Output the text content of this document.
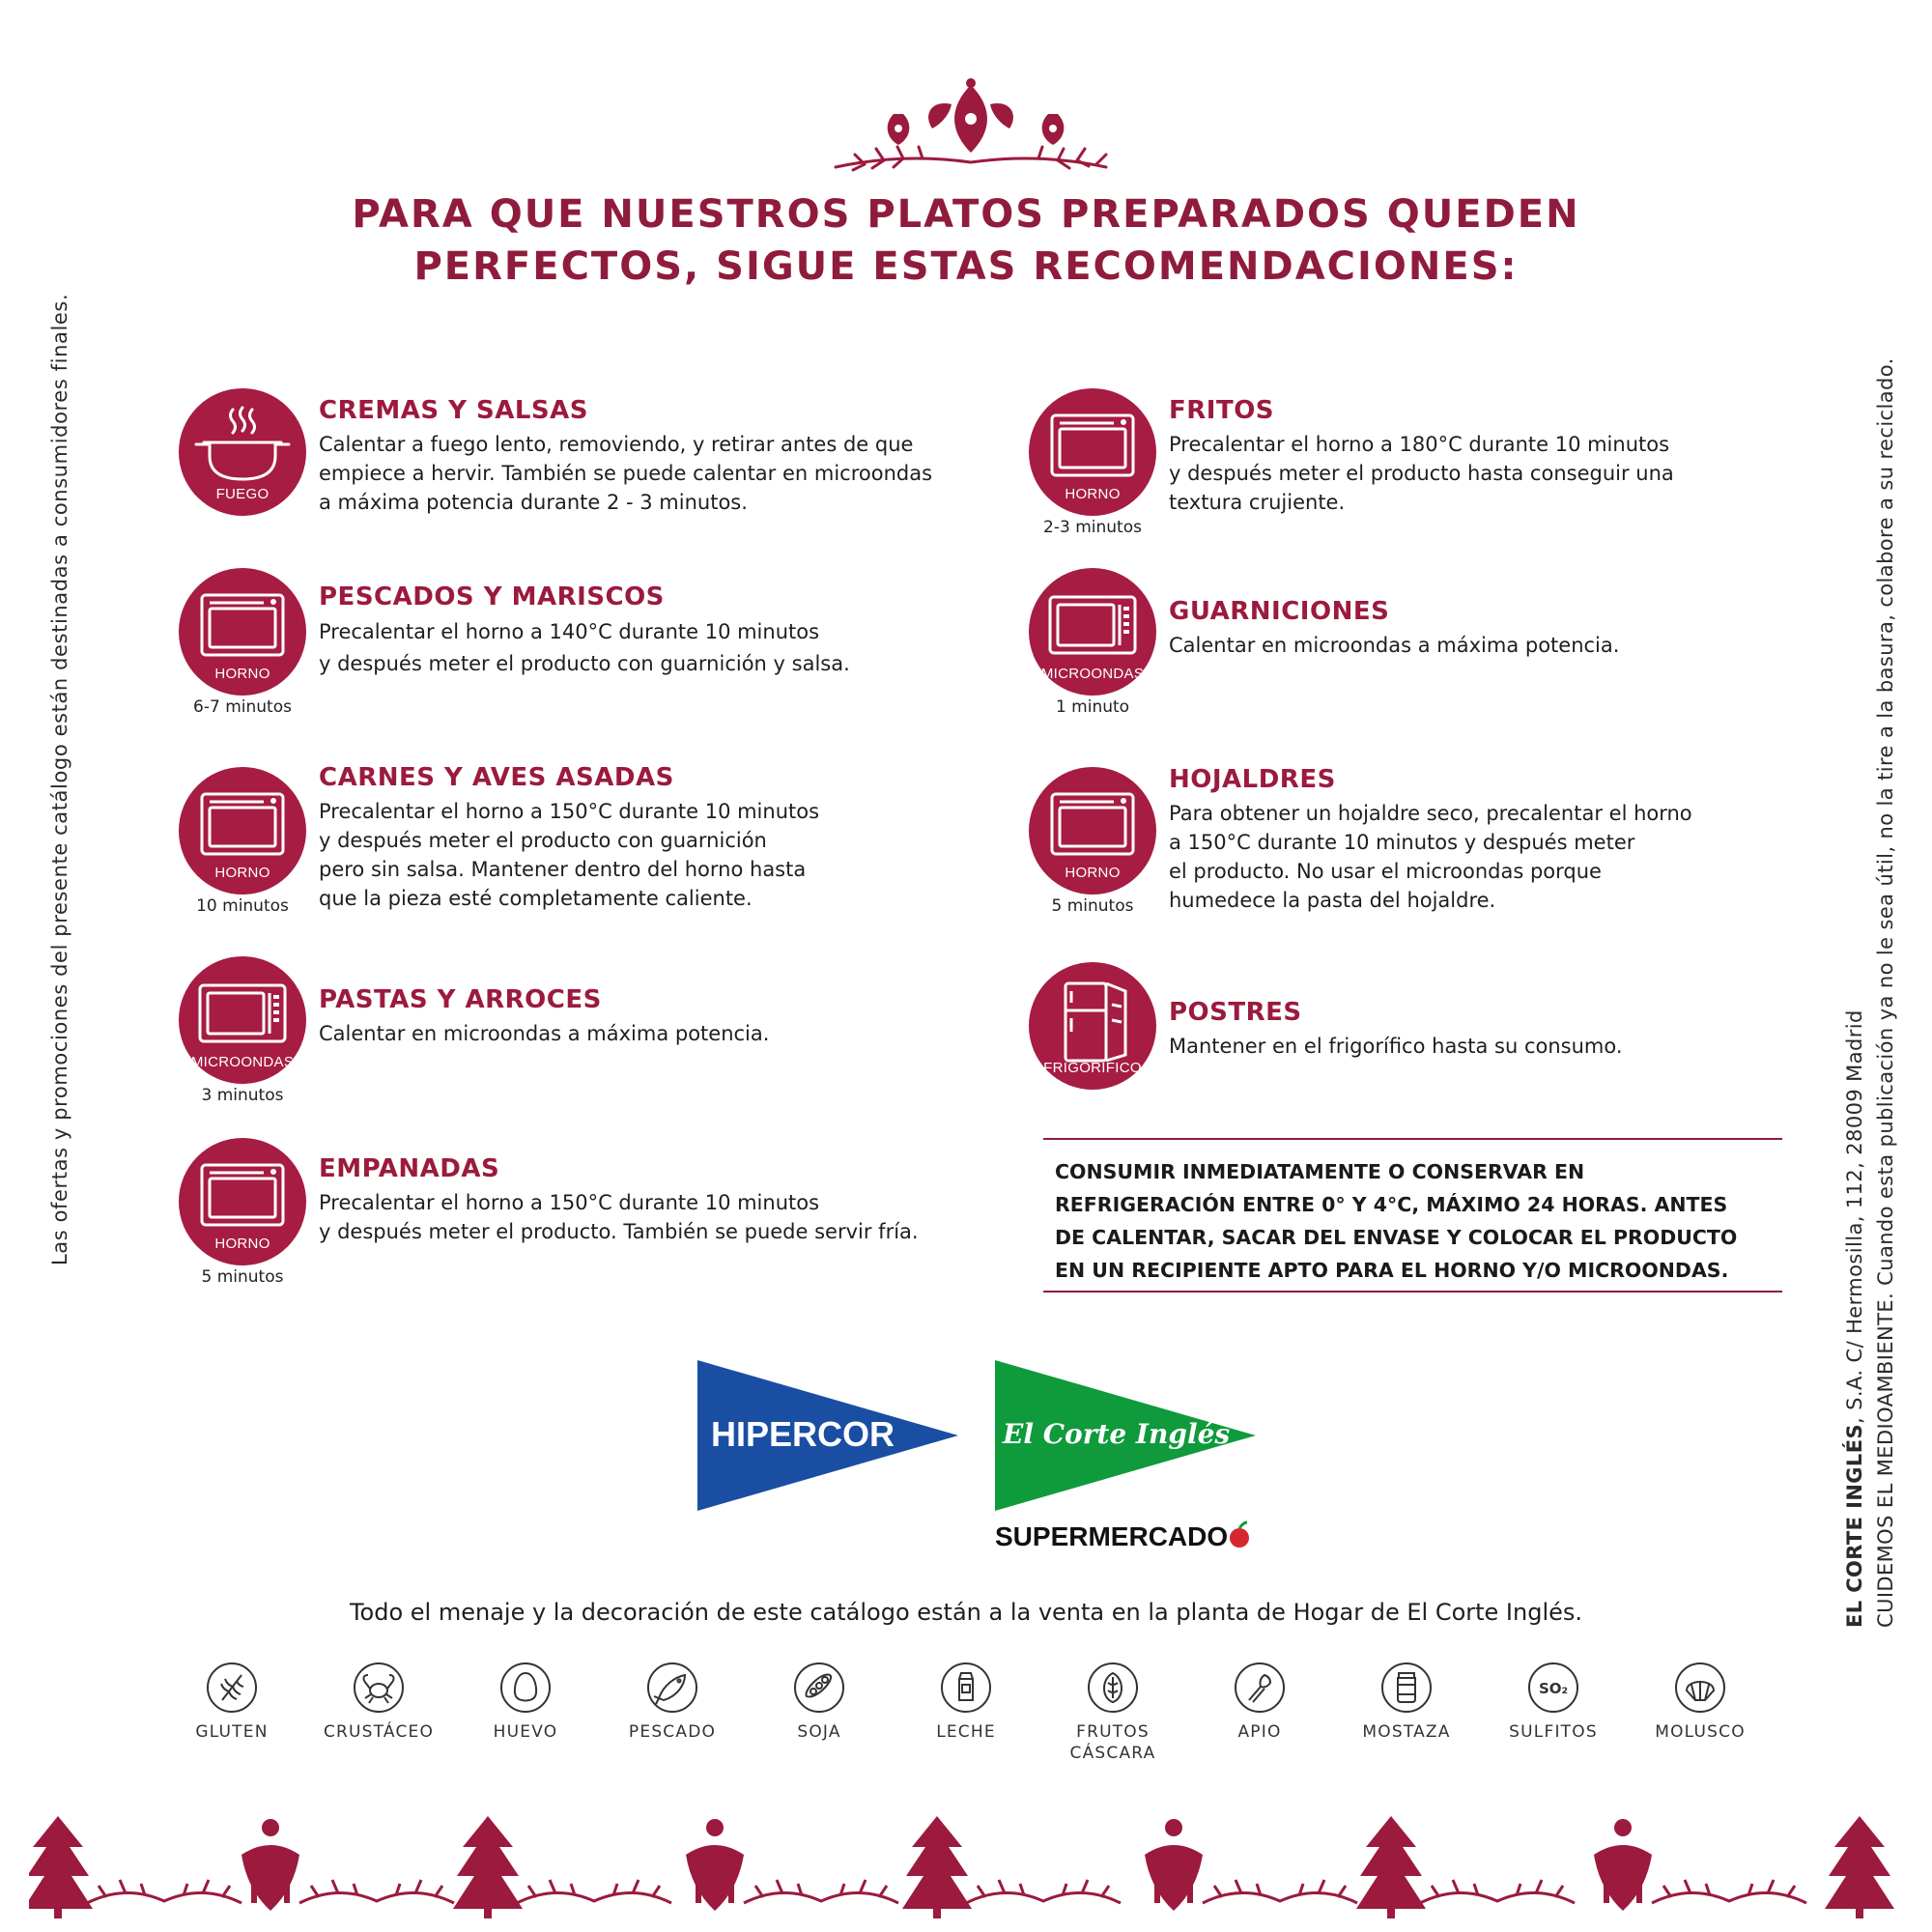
PARA QUE NUESTROS PLATOS PREPARADOS QUEDEN
PERFECTOS, SIGUE ESTAS RECOMENDACIONES:
Las ofertas y promociones del presente catálogo están destinadas a consumidores finales.
EL CORTE INGLÉS, S.A. C/ Hermosilla, 112, 28009 Madrid CUIDEMOS EL MEDIOAMBIENTE. Cuando esta publicación ya no le sea útil, no la tire a la basura, colabore a su reciclado.
FUEGO
CREMAS Y SALSAS
Calentar a fuego lento, removiendo, y retirar antes de que
empiece a hervir. También se puede calentar en microondas
a máxima potencia durante 2 - 3 minutos.
HORNO
6-7 minutos
PESCADOS Y MARISCOS
Precalentar el horno a 140°C durante 10 minutos
y después meter el producto con guarnición y salsa.
HORNO
10 minutos
CARNES Y AVES ASADAS
Precalentar el horno a 150°C durante 10 minutos
y después meter el producto con guarnición
pero sin salsa. Mantener dentro del horno hasta
que la pieza esté completamente caliente.
MICROONDAS
3 minutos
PASTAS Y ARROCES
Calentar en microondas a máxima potencia.
HORNO
5 minutos
EMPANADAS
Precalentar el horno a 150°C durante 10 minutos
y después meter el producto. También se puede servir fría.
HORNO
2-3 minutos
FRITOS
Precalentar el horno a 180°C durante 10 minutos
y después meter el producto hasta conseguir una
textura crujiente.
MICROONDAS
1 minuto
GUARNICIONES
Calentar en microondas a máxima potencia.
HORNO
5 minutos
HOJALDRES
Para obtener un hojaldre seco, precalentar el horno
a 150°C durante 10 minutos y después meter
el producto. No usar el microondas porque
humedece la pasta del hojaldre.
FRIGORÍFICO
POSTRES
Mantener en el frigorífico hasta su consumo.
CONSUMIR INMEDIATAMENTE O CONSERVAR EN
REFRIGERACIÓN ENTRE 0° Y 4°C, MÁXIMO 24 HORAS. ANTES
DE CALENTAR, SACAR DEL ENVASE Y COLOCAR EL PRODUCTO
EN UN RECIPIENTE APTO PARA EL HORNO Y/O MICROONDAS.
HIPERCOR	El Corte Inglés
SUPERMERCADO
Todo el menaje y la decoración de este catálogo están a la venta en la planta de Hogar de El Corte Inglés.
GLUTEN	CRUSTÁCEO	HUEVO	PESCADO	SOJA	LECHE	FRUTOS
CÁSCARA
APIO	MOSTAZA
SO₂
SULFITOS	MOLUSCO
